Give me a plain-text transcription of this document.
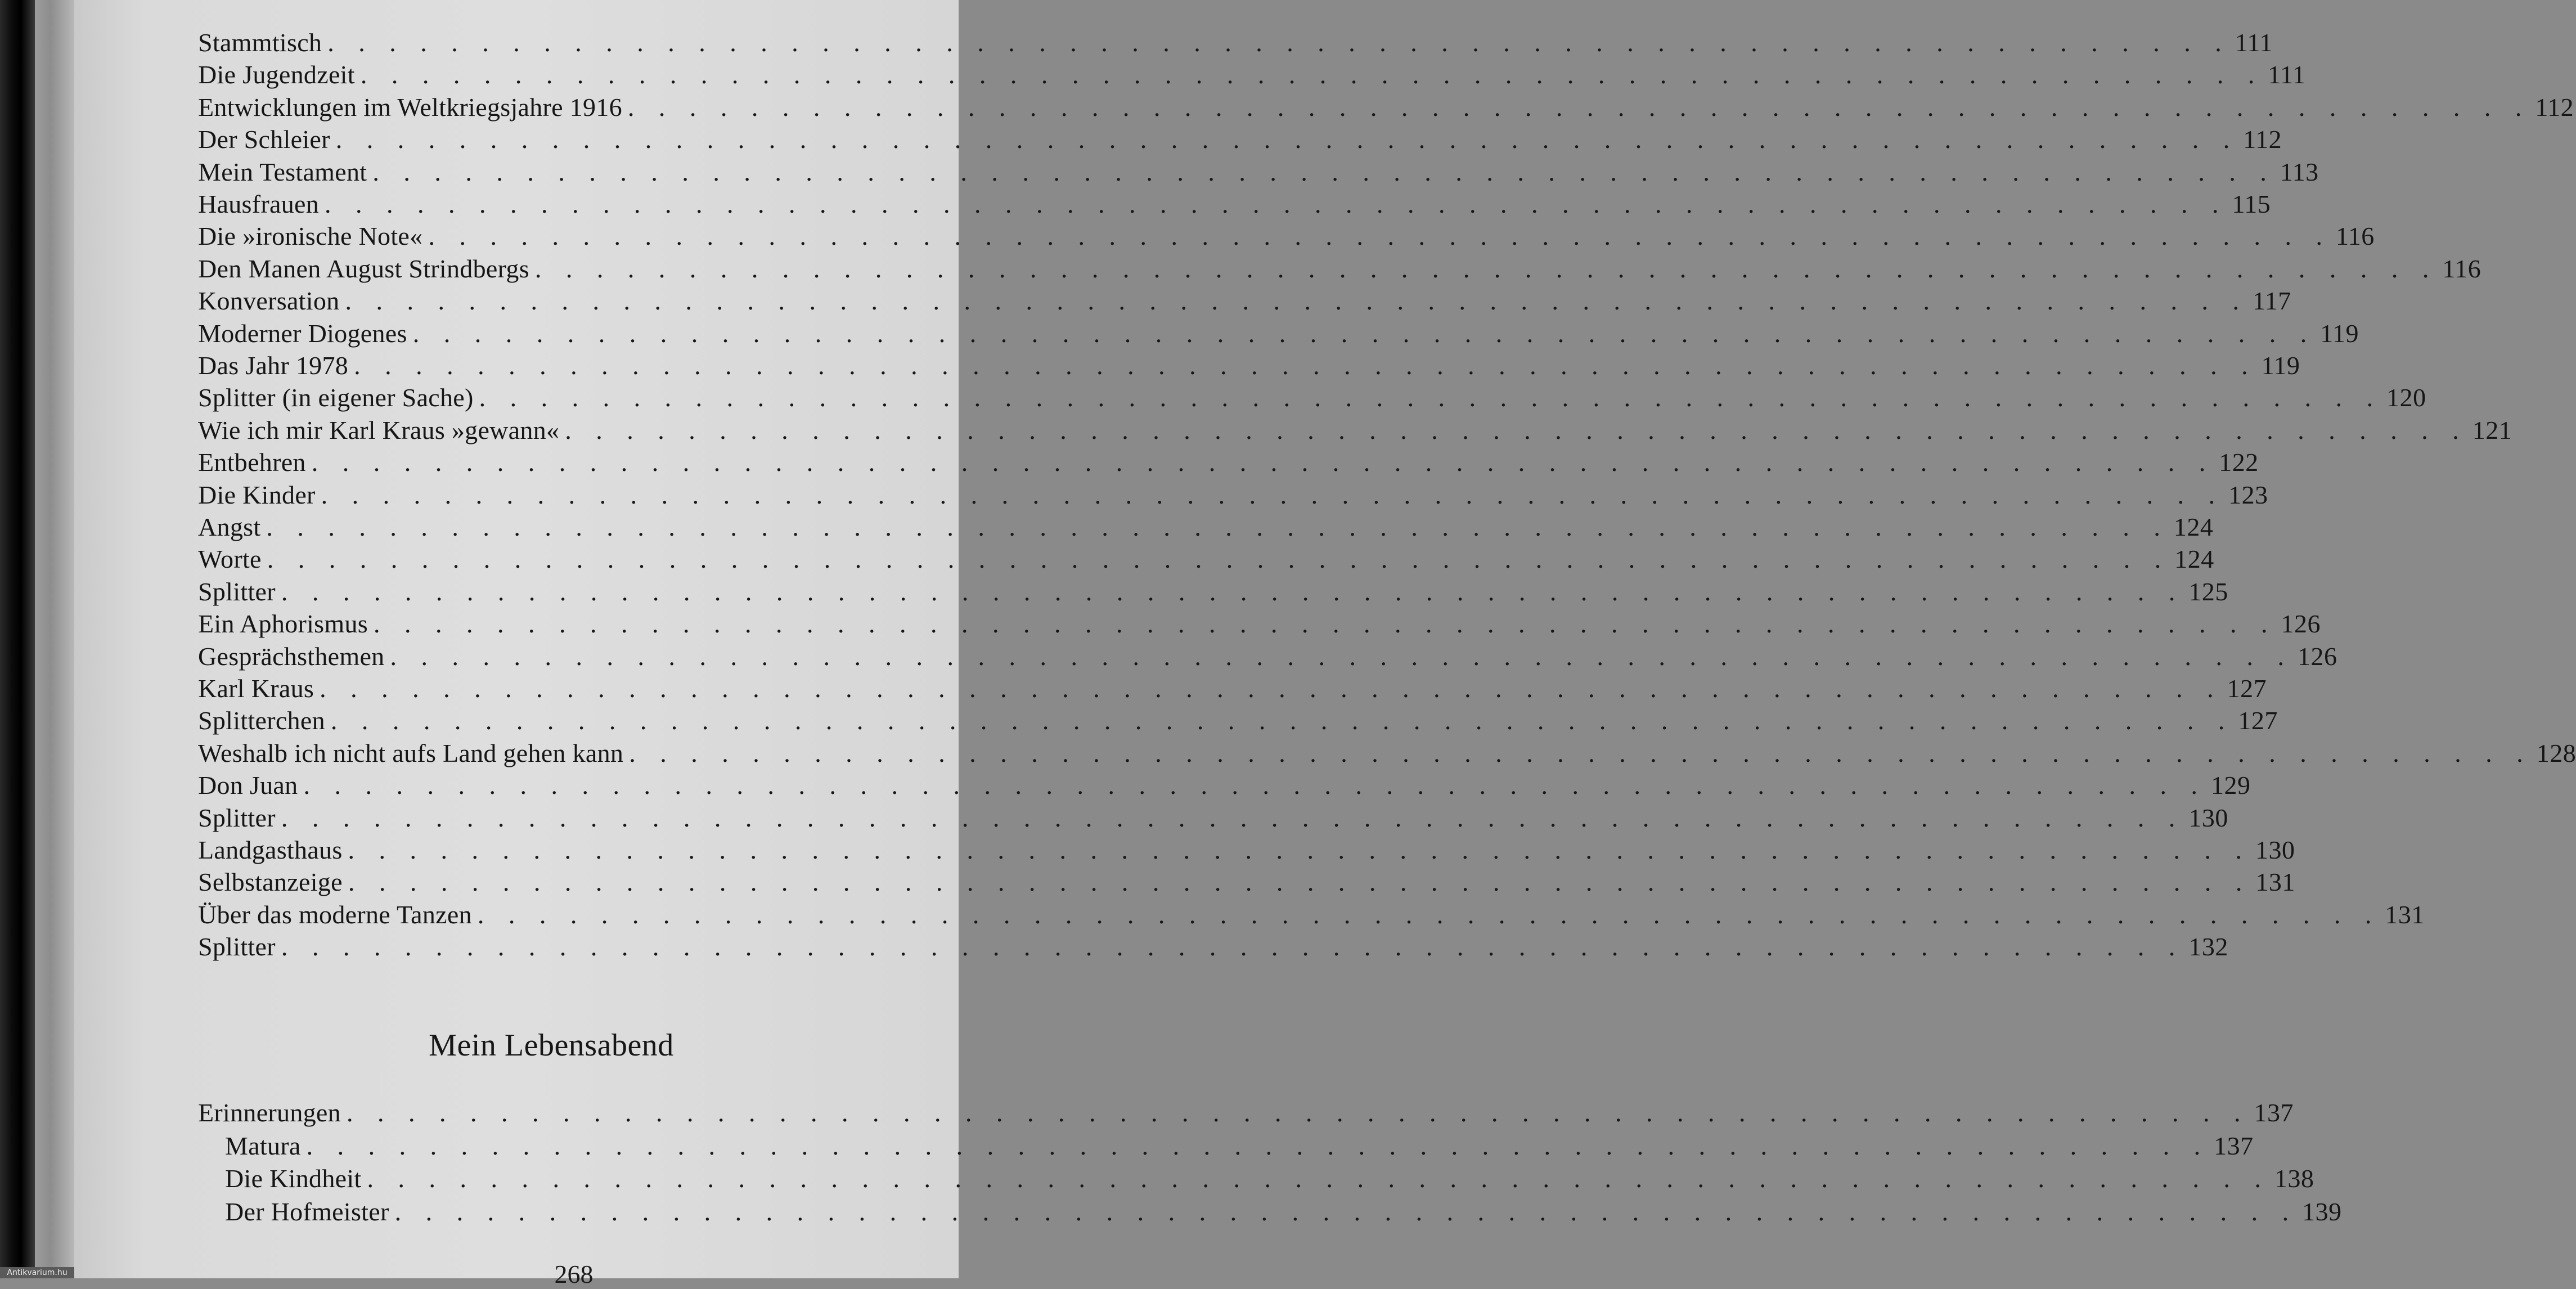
Stammtisch . . . . . . . . . . . . . . . . . . . . . . . . . . . . . . . . . . . . . . . . . . . . . . . . . . . . . . . . . . . . . . 111
Die Jugendzeit . . . . . . . . . . . . . . . . . . . . . . . . . . . . . . . . . . . . . . . . . . . . . . . . . . . . . . . . . . . . . . 111
Entwicklungen im Weltkriegsjahre 1916 . . . . . . . . . . . . . . . . . . . . . . . . . . . . . . . . . . . . . . . . . . . . . . . . . . . . . . . . . . . . . . 112
Der Schleier . . . . . . . . . . . . . . . . . . . . . . . . . . . . . . . . . . . . . . . . . . . . . . . . . . . . . . . . . . . . . . 112
Mein Testament . . . . . . . . . . . . . . . . . . . . . . . . . . . . . . . . . . . . . . . . . . . . . . . . . . . . . . . . . . . . . . 113
Hausfrauen . . . . . . . . . . . . . . . . . . . . . . . . . . . . . . . . . . . . . . . . . . . . . . . . . . . . . . . . . . . . . . 115
Die »ironische Note« . . . . . . . . . . . . . . . . . . . . . . . . . . . . . . . . . . . . . . . . . . . . . . . . . . . . . . . . . . . . . . 116
Den Manen August Strindbergs . . . . . . . . . . . . . . . . . . . . . . . . . . . . . . . . . . . . . . . . . . . . . . . . . . . . . . . . . . . . . . 116
Konversation . . . . . . . . . . . . . . . . . . . . . . . . . . . . . . . . . . . . . . . . . . . . . . . . . . . . . . . . . . . . . . 117
Moderner Diogenes . . . . . . . . . . . . . . . . . . . . . . . . . . . . . . . . . . . . . . . . . . . . . . . . . . . . . . . . . . . . . . 119
Das Jahr 1978 . . . . . . . . . . . . . . . . . . . . . . . . . . . . . . . . . . . . . . . . . . . . . . . . . . . . . . . . . . . . . . 119
Splitter (in eigener Sache) . . . . . . . . . . . . . . . . . . . . . . . . . . . . . . . . . . . . . . . . . . . . . . . . . . . . . . . . . . . . . . 120
Wie ich mir Karl Kraus »gewann« . . . . . . . . . . . . . . . . . . . . . . . . . . . . . . . . . . . . . . . . . . . . . . . . . . . . . . . . . . . . . . 121
Entbehren . . . . . . . . . . . . . . . . . . . . . . . . . . . . . . . . . . . . . . . . . . . . . . . . . . . . . . . . . . . . . . 122
Die Kinder . . . . . . . . . . . . . . . . . . . . . . . . . . . . . . . . . . . . . . . . . . . . . . . . . . . . . . . . . . . . . . 123
Angst . . . . . . . . . . . . . . . . . . . . . . . . . . . . . . . . . . . . . . . . . . . . . . . . . . . . . . . . . . . . . . 124
Worte . . . . . . . . . . . . . . . . . . . . . . . . . . . . . . . . . . . . . . . . . . . . . . . . . . . . . . . . . . . . . . 124
Splitter . . . . . . . . . . . . . . . . . . . . . . . . . . . . . . . . . . . . . . . . . . . . . . . . . . . . . . . . . . . . . . 125
Ein Aphorismus . . . . . . . . . . . . . . . . . . . . . . . . . . . . . . . . . . . . . . . . . . . . . . . . . . . . . . . . . . . . . . 126
Gesprächsthemen . . . . . . . . . . . . . . . . . . . . . . . . . . . . . . . . . . . . . . . . . . . . . . . . . . . . . . . . . . . . . . 126
Karl Kraus . . . . . . . . . . . . . . . . . . . . . . . . . . . . . . . . . . . . . . . . . . . . . . . . . . . . . . . . . . . . . . 127
Splitterchen . . . . . . . . . . . . . . . . . . . . . . . . . . . . . . . . . . . . . . . . . . . . . . . . . . . . . . . . . . . . . . 127
Weshalb ich nicht aufs Land gehen kann . . . . . . . . . . . . . . . . . . . . . . . . . . . . . . . . . . . . . . . . . . . . . . . . . . . . . . . . . . . . . . 128
Don Juan . . . . . . . . . . . . . . . . . . . . . . . . . . . . . . . . . . . . . . . . . . . . . . . . . . . . . . . . . . . . . . 129
Splitter . . . . . . . . . . . . . . . . . . . . . . . . . . . . . . . . . . . . . . . . . . . . . . . . . . . . . . . . . . . . . . 130
Landgasthaus . . . . . . . . . . . . . . . . . . . . . . . . . . . . . . . . . . . . . . . . . . . . . . . . . . . . . . . . . . . . . . 130
Selbstanzeige . . . . . . . . . . . . . . . . . . . . . . . . . . . . . . . . . . . . . . . . . . . . . . . . . . . . . . . . . . . . . . 131
Über das moderne Tanzen . . . . . . . . . . . . . . . . . . . . . . . . . . . . . . . . . . . . . . . . . . . . . . . . . . . . . . . . . . . . . . 131
Splitter . . . . . . . . . . . . . . . . . . . . . . . . . . . . . . . . . . . . . . . . . . . . . . . . . . . . . . . . . . . . . . 132
Mein Lebensabend
Erinnerungen . . . . . . . . . . . . . . . . . . . . . . . . . . . . . . . . . . . . . . . . . . . . . . . . . . . . . . . . . . . . . . 137
Matura . . . . . . . . . . . . . . . . . . . . . . . . . . . . . . . . . . . . . . . . . . . . . . . . . . . . . . . . . . . . . . 137
Die Kindheit . . . . . . . . . . . . . . . . . . . . . . . . . . . . . . . . . . . . . . . . . . . . . . . . . . . . . . . . . . . . . . 138
Der Hofmeister . . . . . . . . . . . . . . . . . . . . . . . . . . . . . . . . . . . . . . . . . . . . . . . . . . . . . . . . . . . . . . 139
268
Antikvarium.hu
